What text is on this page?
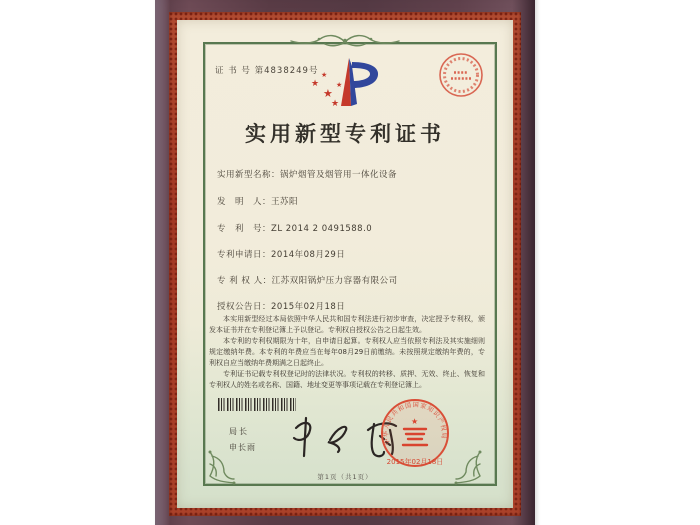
证 书 号 第4838249号
★
★
★
★
★
实用新型专利证书
实用新型名称：锅炉烟管及烟管用一体化设备
发　明　人：王苏阳
专　利　号：ZL 2014 2 0491588.0
专利申请日：2014年08月29日
专 利 权 人：江苏双阳锅炉压力容器有限公司
授权公告日：2015年02月18日

本实用新型经过本局依照中华人民共和国专利法进行初步审查，决定授予专利权，颁发本证书并在专利登记簿上予以登记。专利权自授权公告之日起生效。

本专利的专利权期限为十年，自申请日起算。专利权人应当依照专利法及其实施细则规定缴纳年费。本专利的年费应当在每年08月29日前缴纳。未按照规定缴纳年费的，专利权自应当缴纳年费期满之日起终止。

专利证书记载专利权登记时的法律状况。专利权的转移、质押、无效、终止、恢复和专利权人的姓名或名称、国籍、地址变更等事项记载在专利登记簿上。

局长
申长雨
中华人民共和国国家知识产权局
★
2015年02月18日
第1页（共1页）
